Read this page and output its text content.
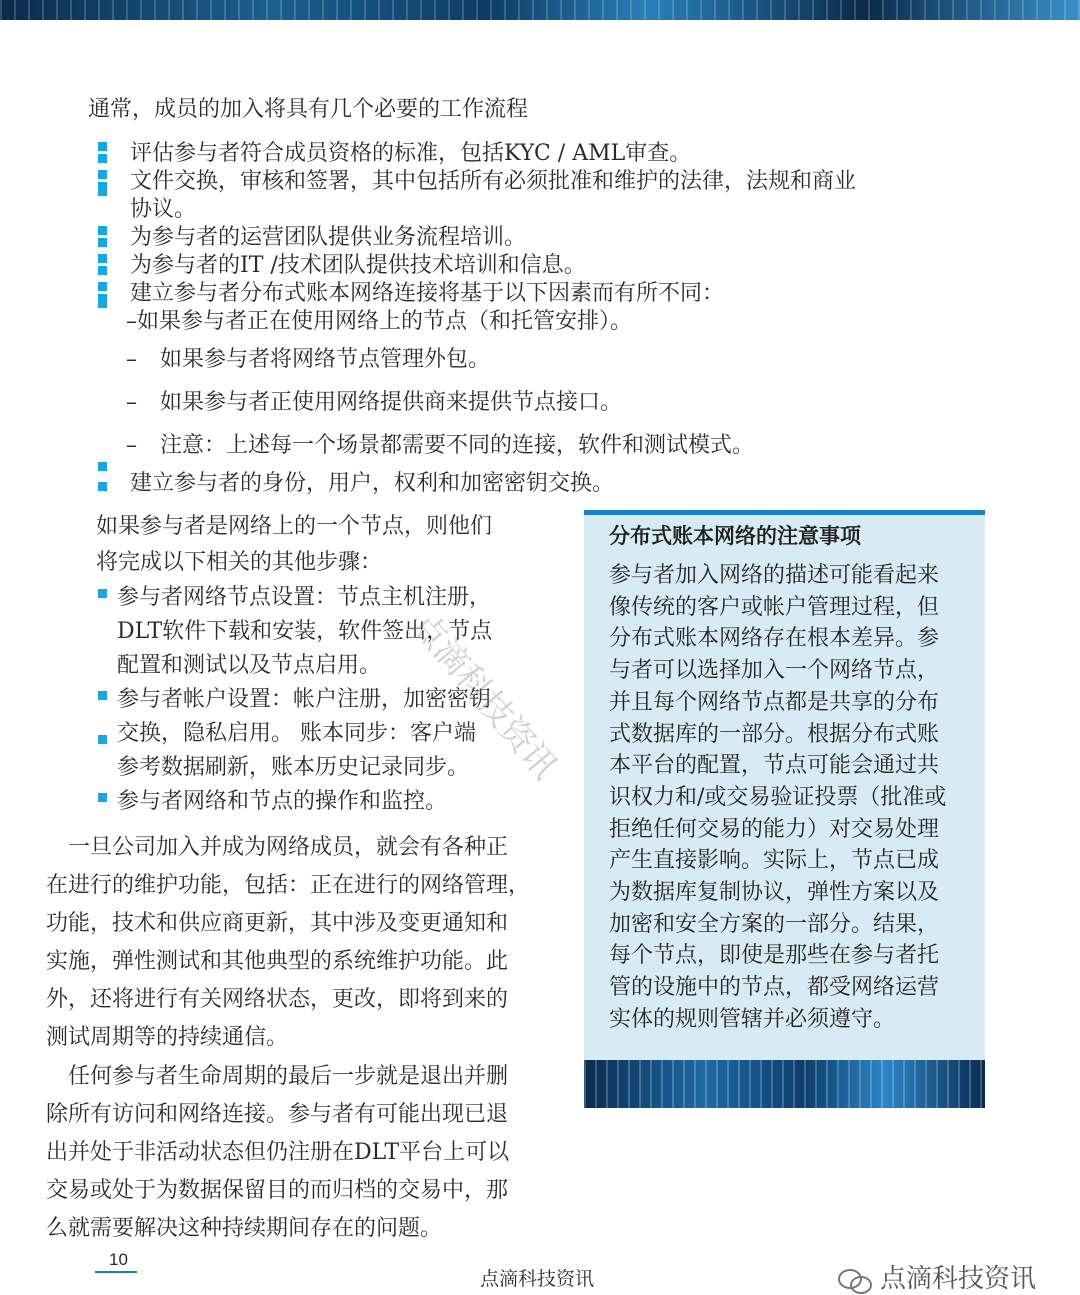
通常，成员的加入将具有几个必要的工作流程
评估参与者符合成员资格的标准，包括KYC / AML审查。
文件交换，审核和签署，其中包括所有必须批准和维护的法律，法规和商业
协议。
为参与者的运营团队提供业务流程培训。
为参与者的IT /技术团队提供技术培训和信息。
建立参与者分布式账本网络连接将基于以下因素而有所不同：
–如果参与者正在使用网络上的节点（和托管安排）。
– 如果参与者将网络节点管理外包。
– 如果参与者正使用网络提供商来提供节点接口。
– 注意：上述每一个场景都需要不同的连接，软件和测试模式。
建立参与者的身份，用户，权利和加密密钥交换。
如果参与者是网络上的一个节点，则他们
将完成以下相关的其他步骤：
参与者网络节点设置：节点主机注册，
DLT软件下载和安装，软件签出，节点
配置和测试以及节点启用。
参与者帐户设置：帐户注册，加密密钥
交换，隐私启用。 账本同步：客户端
参考数据刷新，账本历史记录同步。
参与者网络和节点的操作和监控。
一旦公司加入并成为网络成员，就会有各种正
在进行的维护功能，包括：正在进行的网络管理，
功能，技术和供应商更新，其中涉及变更通知和
实施，弹性测试和其他典型的系统维护功能。此
外，还将进行有关网络状态，更改，即将到来的
测试周期等的持续通信。
任何参与者生命周期的最后一步就是退出并删
除所有访问和网络连接。参与者有可能出现已退
出并处于非活动状态但仍注册在DLT平台上可以
交易或处于为数据保留目的而归档的交易中，那
么就需要解决这种持续期间存在的问题。
分布式账本网络的注意事项
参与者加入网络的描述可能看起来
像传统的客户或帐户管理过程，但
分布式账本网络存在根本差异。参
与者可以选择加入一个网络节点，
并且每个网络节点都是共享的分布
式数据库的一部分。根据分布式账
本平台的配置，节点可能会通过共
识权力和/或交易验证投票（批准或
拒绝任何交易的能力）对交易处理
产生直接影响。实际上，节点已成
为数据库复制协议，弹性方案以及
加密和安全方案的一部分。结果，
每个节点，即使是那些在参与者托
管的设施中的节点，都受网络运营
实体的规则管辖并必须遵守。
点滴科技资讯
10
点滴科技资讯	点滴科技资讯
